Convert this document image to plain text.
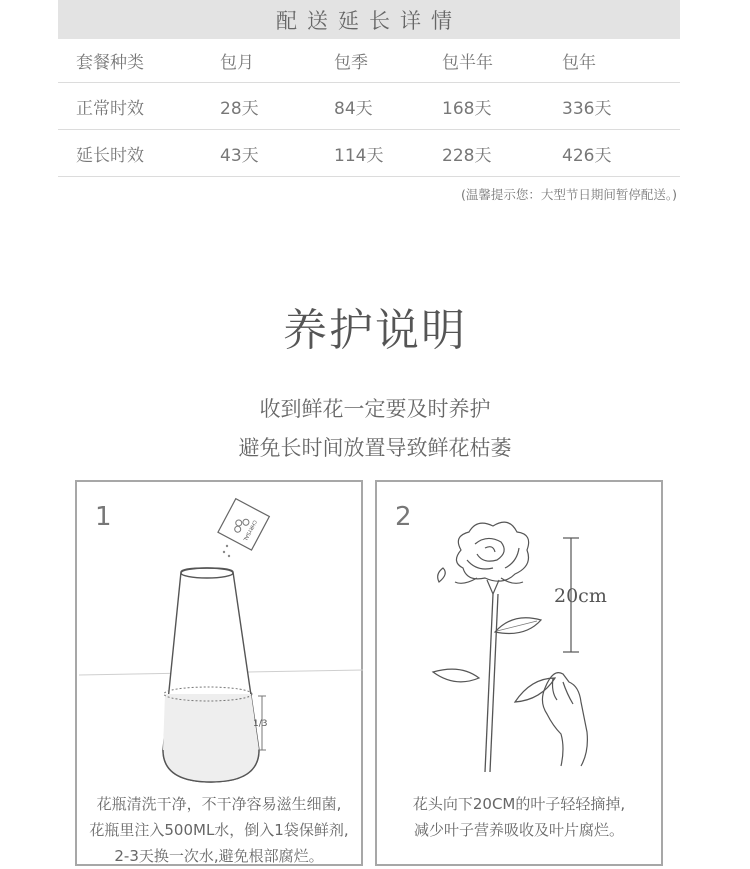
配送延长详情
套餐种类	包月	包季	包半年	包年
正常时效	28天	84天	168天	336天
延长时效	43天	114天	228天	426天
(温馨提示您：大型节日期间暂停配送。)
养护说明
收到鲜花一定要及时养护
避免长时间放置导致鲜花枯萎
1/3
CHRYSAL
1
花瓶清洗干净，不干净容易滋生细菌,
花瓶里注入500ML水，倒入1袋保鲜剂,
2-3天换一次水,避免根部腐烂。
20cm
2
花头向下20CM的叶子轻轻摘掉,
减少叶子营养吸收及叶片腐烂。
